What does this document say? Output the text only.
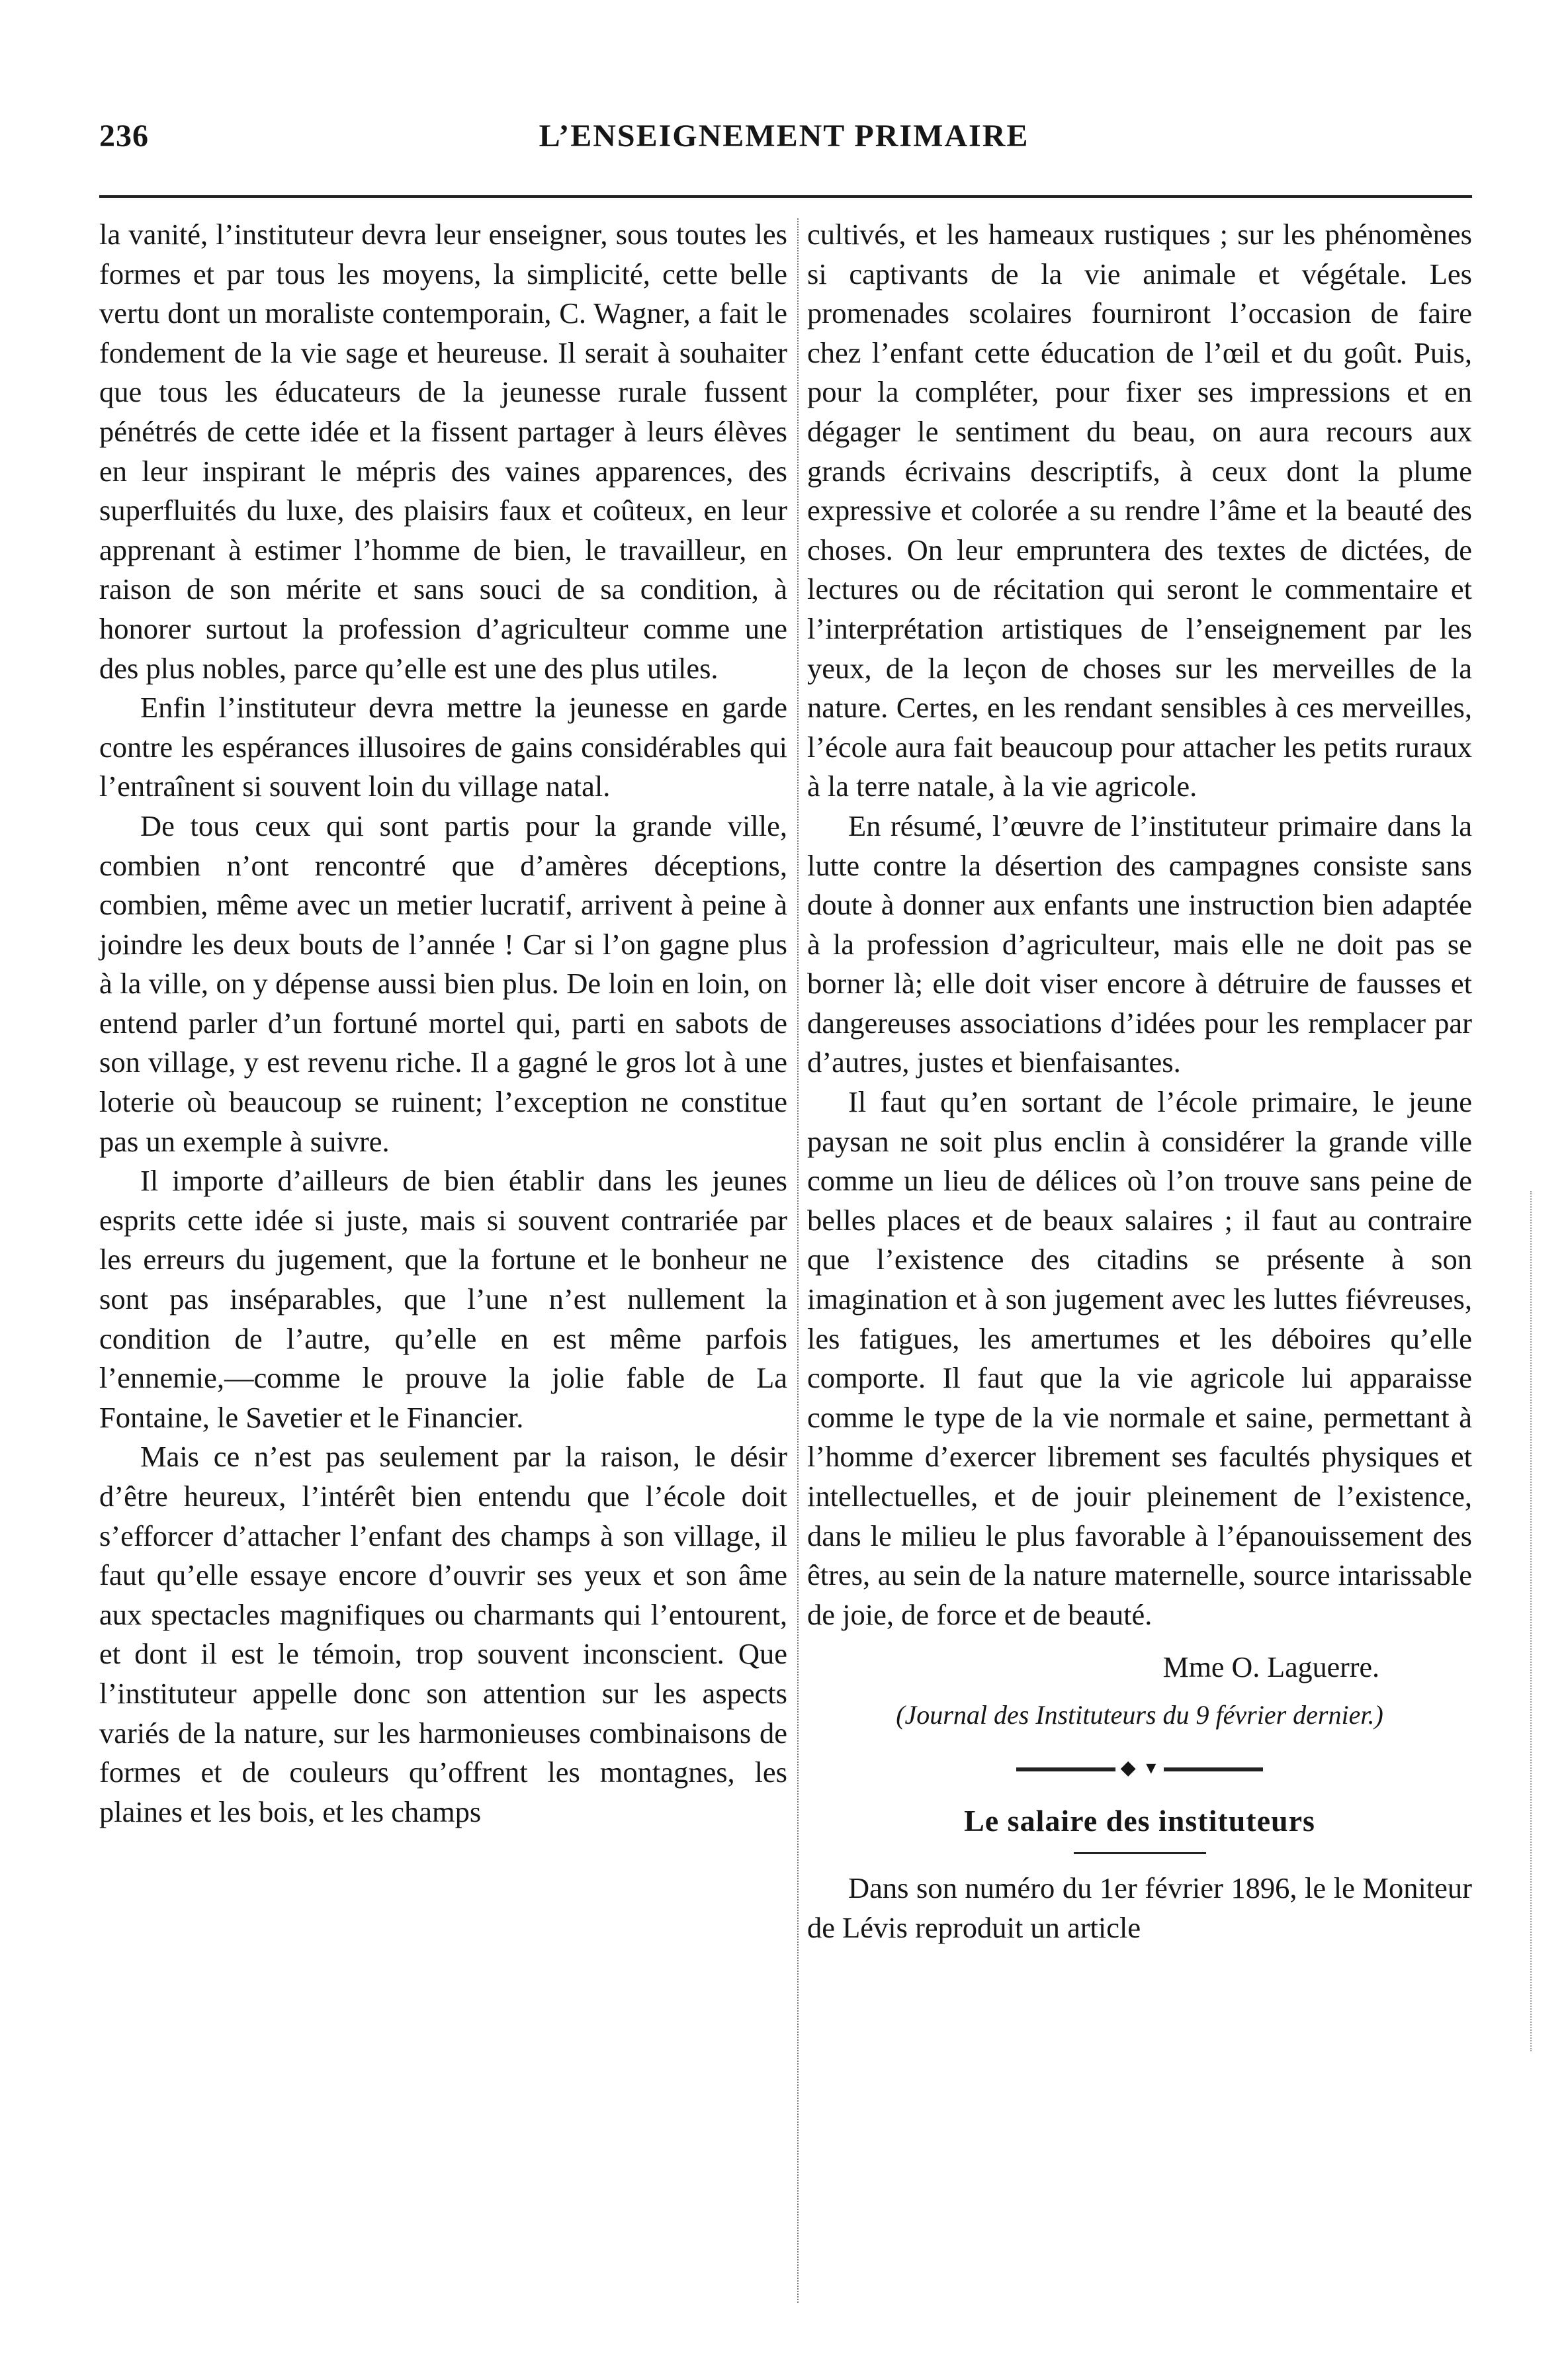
236	L’ENSEIGNEMENT PRIMAIRE

la vanité, l’instituteur devra leur enseigner, sous toutes les formes et par tous les moyens, la simplicité, cette belle vertu dont un moraliste contemporain, C. Wagner, a fait le fondement de la vie sage et heureuse. Il serait à souhaiter que tous les éducateurs de la jeunesse rurale fussent pénétrés de cette idée et la fissent partager à leurs élèves en leur inspirant le mépris des vaines apparences, des superfluités du luxe, des plaisirs faux et coûteux, en leur apprenant à estimer l’homme de bien, le travailleur, en raison de son mérite et sans souci de sa condition, à honorer surtout la profession d’agriculteur comme une des plus nobles, parce qu’elle est une des plus utiles.

Enfin l’instituteur devra mettre la jeunesse en garde contre les espérances illusoires de gains considérables qui l’entraînent si souvent loin du village natal.

De tous ceux qui sont partis pour la grande ville, combien n’ont rencontré que d’amères déceptions, combien, même avec un metier lucratif, arrivent à peine à joindre les deux bouts de l’année ! Car si l’on gagne plus à la ville, on y dépense aussi bien plus. De loin en loin, on entend parler d’un fortuné mortel qui, parti en sabots de son village, y est revenu riche. Il a gagné le gros lot à une loterie où beaucoup se ruinent; l’exception ne constitue pas un exemple à suivre.

Il importe d’ailleurs de bien établir dans les jeunes esprits cette idée si juste, mais si souvent contrariée par les erreurs du jugement, que la fortune et le bonheur ne sont pas inséparables, que l’une n’est nullement la condition de l’autre, qu’elle en est même parfois l’ennemie,—comme le prouve la jolie fable de La Fontaine, le Savetier et le Financier.

Mais ce n’est pas seulement par la raison, le désir d’être heureux, l’intérêt bien entendu que l’école doit s’efforcer d’attacher l’enfant des champs à son village, il faut qu’elle essaye encore d’ouvrir ses yeux et son âme aux spectacles magnifiques ou charmants qui l’entourent, et dont il est le témoin, trop souvent inconscient. Que l’instituteur appelle donc son attention sur les aspects variés de la nature, sur les harmonieuses combinaisons de formes et de couleurs qu’offrent les montagnes, les plaines et les bois, et les champs

cultivés, et les hameaux rustiques ; sur les phénomènes si captivants de la vie animale et végétale. Les promenades scolaires fourniront l’occasion de faire chez l’enfant cette éducation de l’œil et du goût. Puis, pour la compléter, pour fixer ses impressions et en dégager le sentiment du beau, on aura recours aux grands écrivains descriptifs, à ceux dont la plume expressive et colorée a su rendre l’âme et la beauté des choses. On leur empruntera des textes de dictées, de lectures ou de récitation qui seront le commentaire et l’interprétation artistiques de l’enseignement par les yeux, de la leçon de choses sur les merveilles de la nature. Certes, en les rendant sensibles à ces merveilles, l’école aura fait beaucoup pour attacher les petits ruraux à la terre natale, à la vie agricole.

En résumé, l’œuvre de l’instituteur primaire dans la lutte contre la désertion des campagnes consiste sans doute à donner aux enfants une instruction bien adaptée à la profession d’agriculteur, mais elle ne doit pas se borner là; elle doit viser encore à détruire de fausses et dangereuses associations d’idées pour les remplacer par d’autres, justes et bienfaisantes.

Il faut qu’en sortant de l’école primaire, le jeune paysan ne soit plus enclin à considérer la grande ville comme un lieu de délices où l’on trouve sans peine de belles places et de beaux salaires ; il faut au contraire que l’existence des citadins se présente à son imagination et à son jugement avec les luttes fiévreuses, les fatigues, les amertumes et les déboires qu’elle comporte. Il faut que la vie agricole lui apparaisse comme le type de la vie normale et saine, permettant à l’homme d’exercer librement ses facultés physiques et intellectuelles, et de jouir pleinement de l’existence, dans le milieu le plus favorable à l’épanouissement des êtres, au sein de la nature maternelle, source intarissable de joie, de force et de beauté.

Mme O. Laguerre.

(Journal des Instituteurs du 9 février dernier.)

◆ ▾

Le salaire des instituteurs

Dans son numéro du 1er février 1896, le le Moniteur de Lévis reproduit un article
